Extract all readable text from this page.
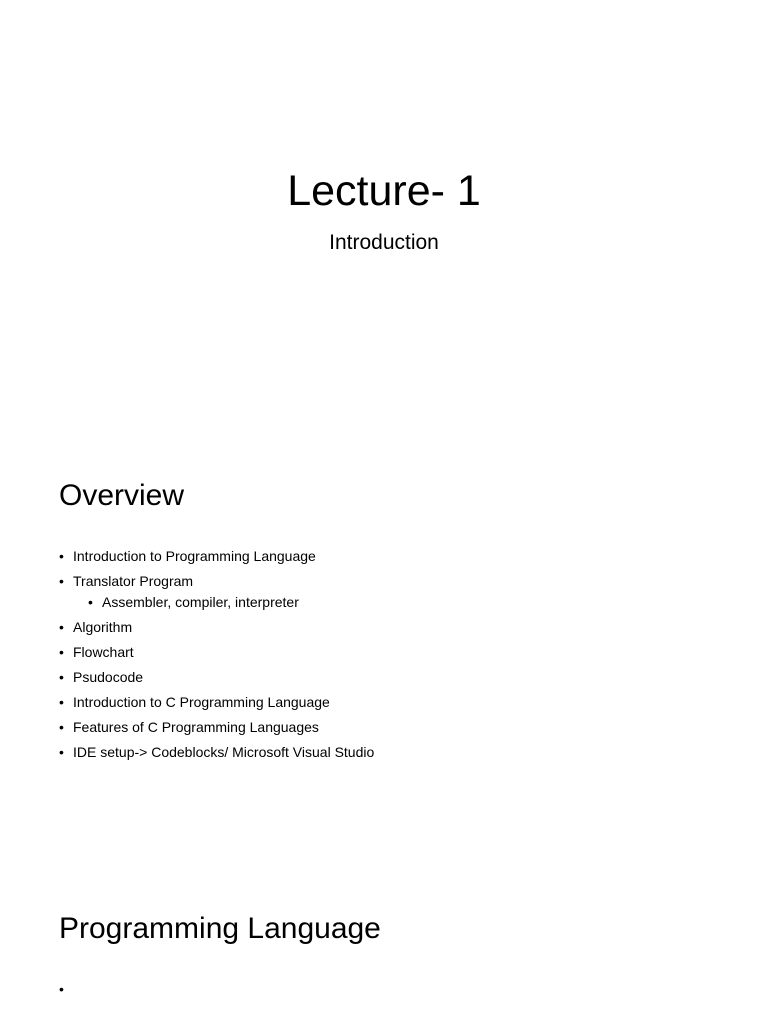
Lecture- 1

Introduction

Overview
• Introduction to Programming Language
• Translator Program
• Assembler, compiler, interpreter
• Algorithm
• Flowchart
• Psudocode
• Introduction to C Programming Language
• Features of C Programming Languages
• IDE setup-> Codeblocks/ Microsoft Visual Studio
Programming Language
•
